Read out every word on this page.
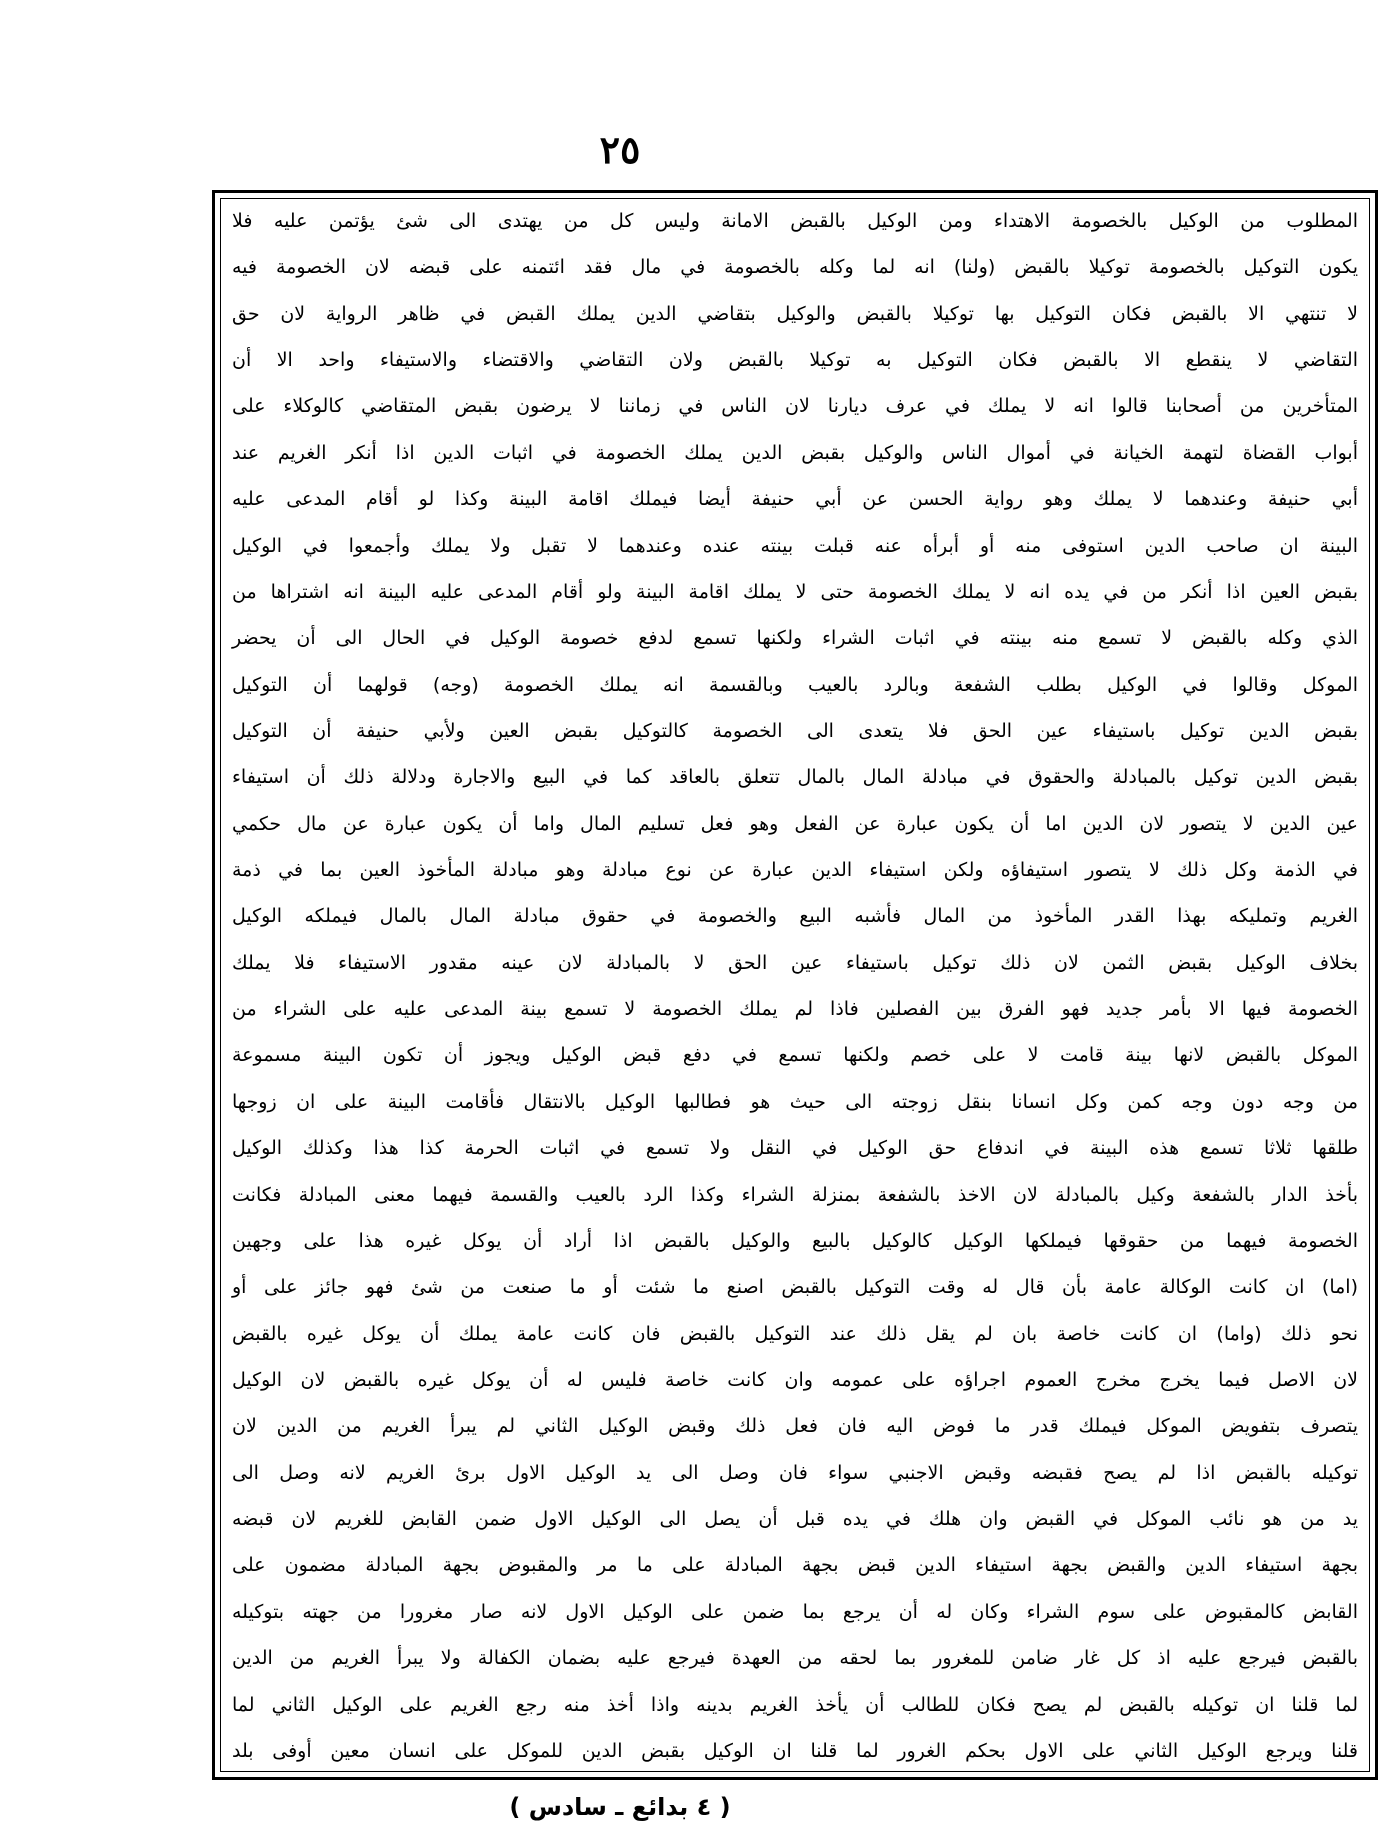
٢٥
المطلوب من الوكيل بالخصومة الاهتداء ومن الوكيل بالقبض الامانة وليس كل من يهتدى الى شئ يؤتمن عليه فلا
يكون التوكيل بالخصومة توكيلا بالقبض (ولنا) انه لما وكله بالخصومة في مال فقد ائتمنه على قبضه لان الخصومة فيه
لا تنتهي الا بالقبض فكان التوكيل بها توكيلا بالقبض والوكيل بتقاضي الدين يملك القبض في ظاهر الرواية لان حق
التقاضي لا ينقطع الا بالقبض فكان التوكيل به توكيلا بالقبض ولان التقاضي والاقتضاء والاستيفاء واحد الا أن
المتأخرين من أصحابنا قالوا انه لا يملك في عرف ديارنا لان الناس في زماننا لا يرضون بقبض المتقاضي كالوكلاء على
أبواب القضاة لتهمة الخيانة في أموال الناس والوكيل بقبض الدين يملك الخصومة في اثبات الدين اذا أنكر الغريم عند
أبي حنيفة وعندهما لا يملك وهو رواية الحسن عن أبي حنيفة أيضا فيملك اقامة البينة وكذا لو أقام المدعى عليه
البينة ان صاحب الدين استوفى منه أو أبرأه عنه قبلت بينته عنده وعندهما لا تقبل ولا يملك وأجمعوا في الوكيل
بقبض العين اذا أنكر من في يده انه لا يملك الخصومة حتى لا يملك اقامة البينة ولو أقام المدعى عليه البينة انه اشتراها من
الذي وكله بالقبض لا تسمع منه بينته في اثبات الشراء ولكنها تسمع لدفع خصومة الوكيل في الحال الى أن يحضر
الموكل وقالوا في الوكيل بطلب الشفعة وبالرد بالعيب وبالقسمة انه يملك الخصومة (وجه) قولهما أن التوكيل
بقبض الدين توكيل باستيفاء عين الحق فلا يتعدى الى الخصومة كالتوكيل بقبض العين ولأبي حنيفة أن التوكيل
بقبض الدين توكيل بالمبادلة والحقوق في مبادلة المال بالمال تتعلق بالعاقد كما في البيع والاجارة ودلالة ذلك أن استيفاء
عين الدين لا يتصور لان الدين اما أن يكون عبارة عن الفعل وهو فعل تسليم المال واما أن يكون عبارة عن مال حكمي
في الذمة وكل ذلك لا يتصور استيفاؤه ولكن استيفاء الدين عبارة عن نوع مبادلة وهو مبادلة المأخوذ العين بما في ذمة
الغريم وتمليكه بهذا القدر المأخوذ من المال فأشبه البيع والخصومة في حقوق مبادلة المال بالمال فيملكه الوكيل
بخلاف الوكيل بقبض الثمن لان ذلك توكيل باستيفاء عين الحق لا بالمبادلة لان عينه مقدور الاستيفاء فلا يملك
الخصومة فيها الا بأمر جديد فهو الفرق بين الفصلين فاذا لم يملك الخصومة لا تسمع بينة المدعى عليه على الشراء من
الموكل بالقبض لانها بينة قامت لا على خصم ولكنها تسمع في دفع قبض الوكيل ويجوز أن تكون البينة مسموعة
من وجه دون وجه كمن وكل انسانا بنقل زوجته الى حيث هو فطالبها الوكيل بالانتقال فأقامت البينة على ان زوجها
طلقها ثلاثا تسمع هذه البينة في اندفاع حق الوكيل في النقل ولا تسمع في اثبات الحرمة كذا هذا وكذلك الوكيل
بأخذ الدار بالشفعة وكيل بالمبادلة لان الاخذ بالشفعة بمنزلة الشراء وكذا الرد بالعيب والقسمة فيهما معنى المبادلة فكانت
الخصومة فيهما من حقوقها فيملكها الوكيل كالوكيل بالبيع والوكيل بالقبض اذا أراد أن يوكل غيره هذا على وجهين
(اما) ان كانت الوكالة عامة بأن قال له وقت التوكيل بالقبض اصنع ما شئت أو ما صنعت من شئ فهو جائز على أو
نحو ذلك (واما) ان كانت خاصة بان لم يقل ذلك عند التوكيل بالقبض فان كانت عامة يملك أن يوكل غيره بالقبض
لان الاصل فيما يخرج مخرج العموم اجراؤه على عمومه وان كانت خاصة فليس له أن يوكل غيره بالقبض لان الوكيل
يتصرف بتفويض الموكل فيملك قدر ما فوض اليه فان فعل ذلك وقبض الوكيل الثاني لم يبرأ الغريم من الدين لان
توكيله بالقبض اذا لم يصح فقبضه وقبض الاجنبي سواء فان وصل الى يد الوكيل الاول برئ الغريم لانه وصل الى
يد من هو نائب الموكل في القبض وان هلك في يده قبل أن يصل الى الوكيل الاول ضمن القابض للغريم لان قبضه
بجهة استيفاء الدين والقبض بجهة استيفاء الدين قبض بجهة المبادلة على ما مر والمقبوض بجهة المبادلة مضمون على
القابض كالمقبوض على سوم الشراء وكان له أن يرجع بما ضمن على الوكيل الاول لانه صار مغرورا من جهته بتوكيله
بالقبض فيرجع عليه اذ كل غار ضامن للمغرور بما لحقه من العهدة فيرجع عليه بضمان الكفالة ولا يبرأ الغريم من الدين
لما قلنا ان توكيله بالقبض لم يصح فكان للطالب أن يأخذ الغريم بدينه واذا أخذ منه رجع الغريم على الوكيل الثاني لما
قلنا ويرجع الوكيل الثاني على الاول بحكم الغرور لما قلنا ان الوكيل بقبض الدين للموكل على انسان معين أوفى بلد
( ٤ بدائع ـ سادس )
